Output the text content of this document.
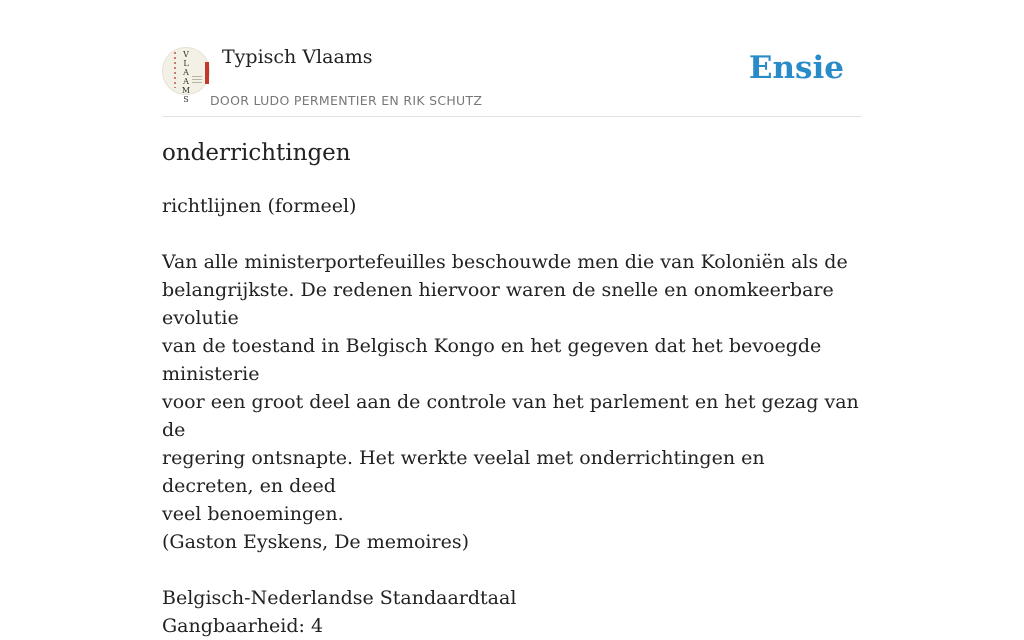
V
L
A
A
M
S
Typisch Vlaams
DOOR LUDO PERMENTIER EN RIK SCHUTZ
Ensie
onderrichtingen

richtlijnen (formeel)

Van alle ministerportefeuilles beschouwde men die van Koloniën als de

belangrijkste. De redenen hiervoor waren de snelle en onomkeerbare evolutie

van de toestand in Belgisch Kongo en het gegeven dat het bevoegde ministerie

voor een groot deel aan de controle van het parlement en het gezag van de

regering ontsnapte. Het werkte veelal met onderrichtingen en decreten, en deed

veel benoemingen.

(Gaston Eyskens, De memoires)

Belgisch-Nederlandse Standaardtaal

Gangbaarheid: 4
